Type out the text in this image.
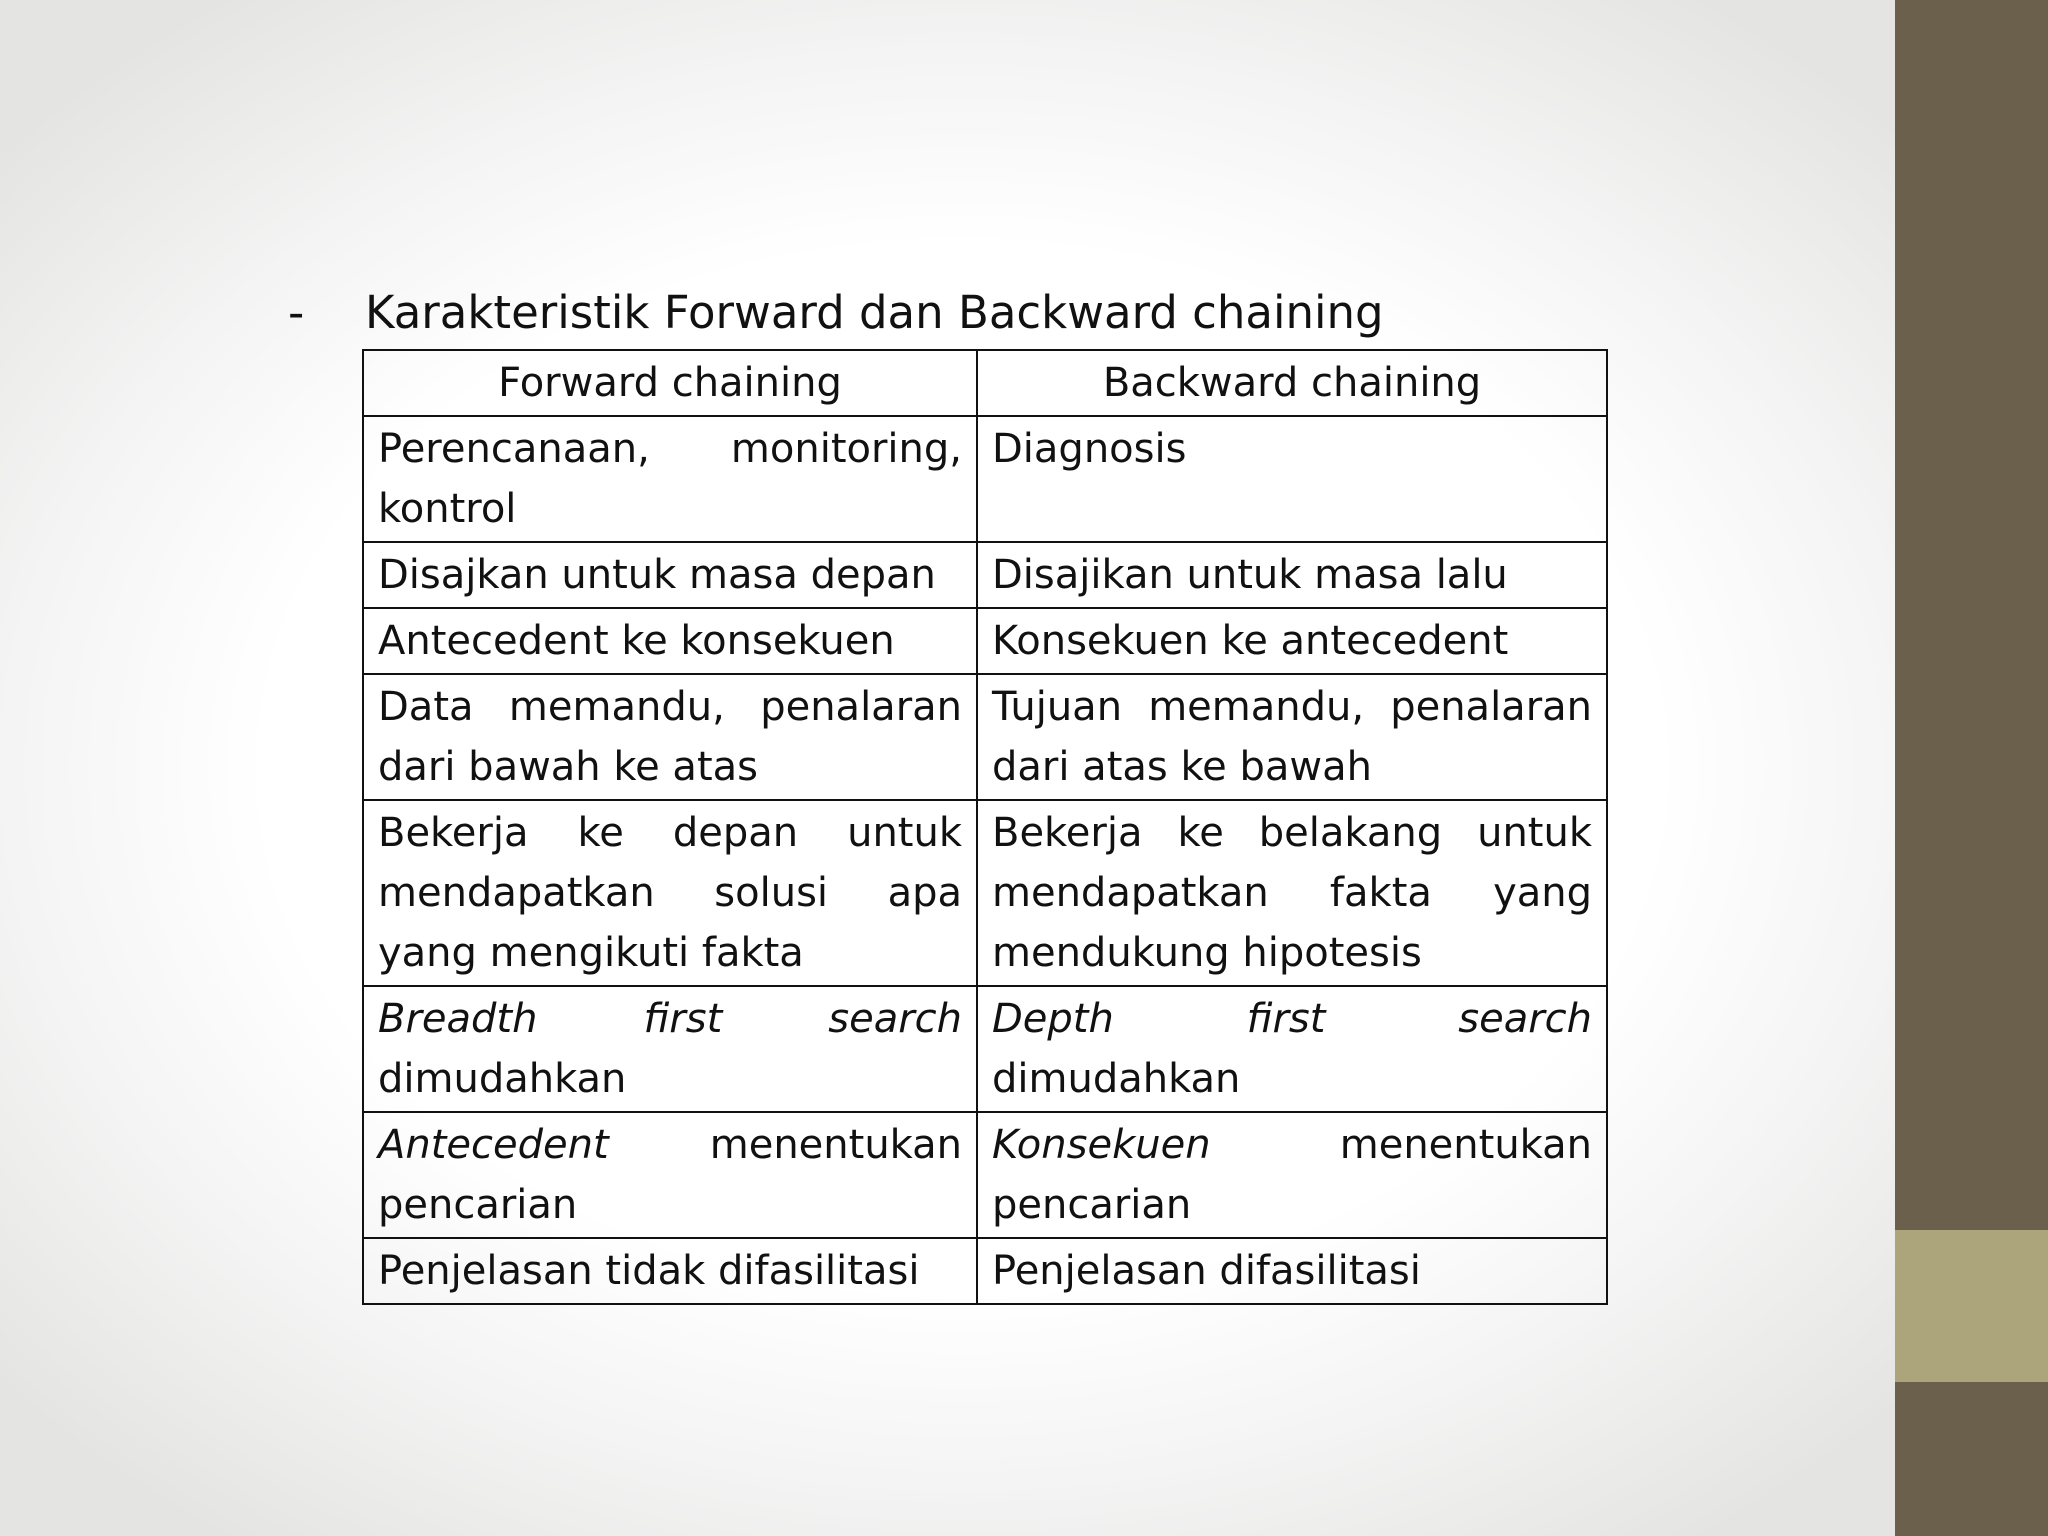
-	Karakteristik Forward dan Backward chaining
Forward chaining	Backward chaining
Perencanaan, monitoring, kontrol	Diagnosis
Disajkan untuk masa depan	Disajikan untuk masa lalu
Antecedent ke konsekuen	Konsekuen ke antecedent
Data memandu, penalaran dari bawah ke atas	Tujuan memandu, penalaran dari atas ke bawah
Bekerja ke depan untuk mendapatkan solusi apa yang mengikuti fakta	Bekerja ke belakang untuk mendapatkan fakta yang mendukung hipotesis
Breadth first search dimudahkan	Depth first search dimudahkan
Antecedent menentukan pencarian	Konsekuen menentukan pencarian
Penjelasan tidak difasilitasi	Penjelasan difasilitasi
